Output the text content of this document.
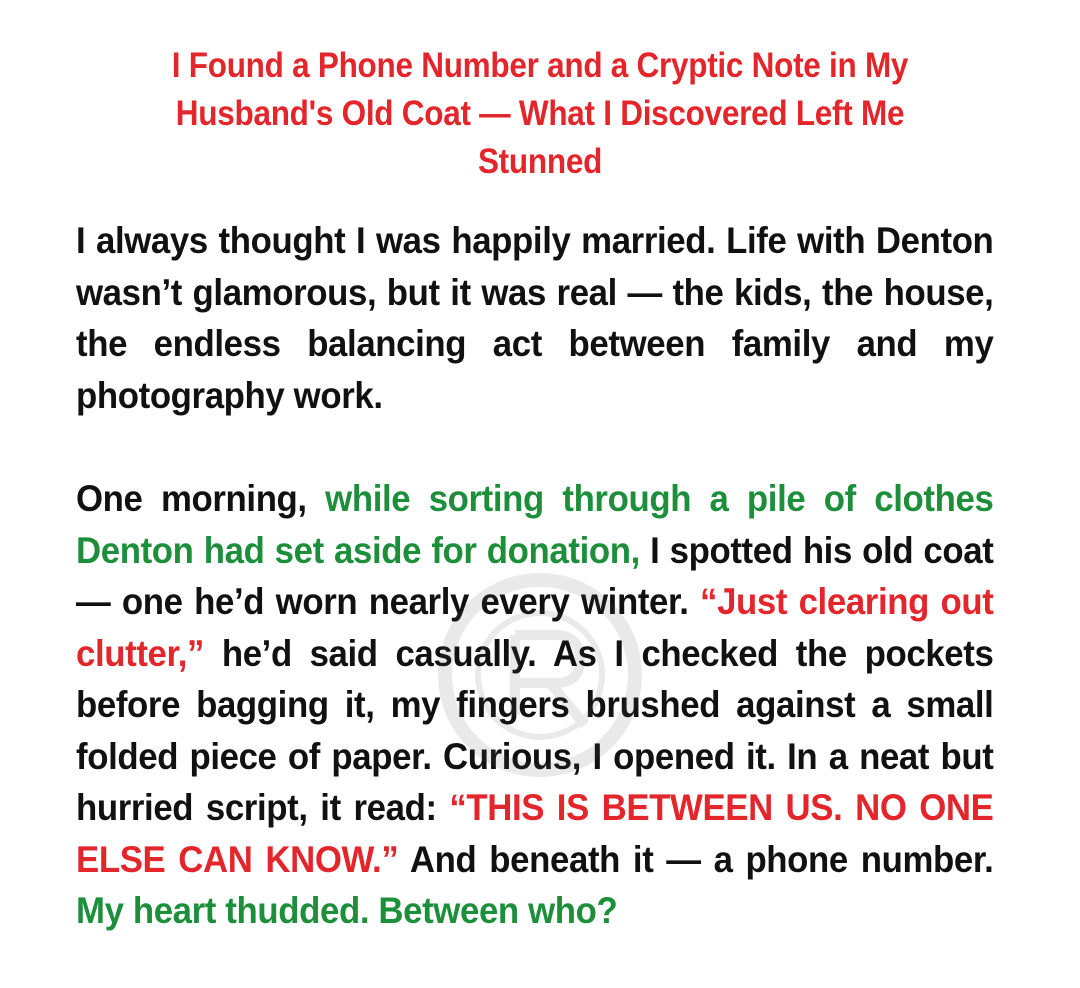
I Found a Phone Number and a Cryptic Note in My Husband's Old Coat — What I Discovered Left Me Stunned

I always thought I was happily married. Life with Denton wasn’t glamorous, but it was real — the kids, the house, the endless balancing act between family and my photography work.

One morning, while sorting through a pile of clothes Denton had set aside for donation, I spotted his old coat — one he’d worn nearly every winter. “Just clearing out clutter,” he’d said casually. As I checked the pockets before bagging it, my fingers brushed against a small folded piece of paper. Curious, I opened it. In a neat but hurried script, it read: “THIS IS BETWEEN US. NO ONE ELSE CAN KNOW.” And beneath it — a phone number. My heart thudded. Between who?
